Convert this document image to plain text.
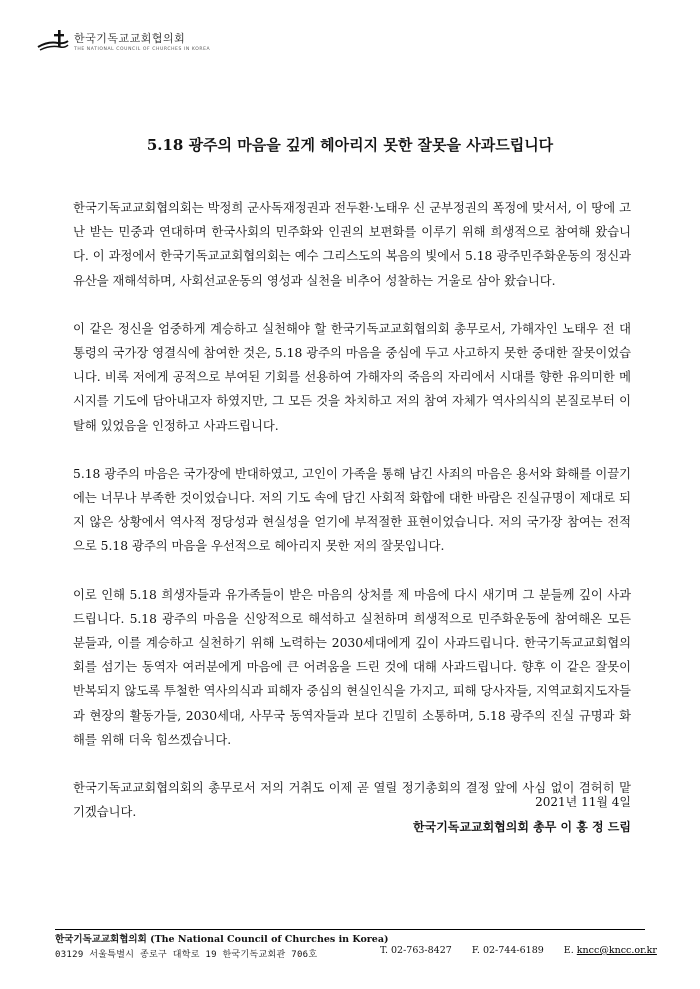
한국기독교교회협의회
THE NATIONAL COUNCIL OF CHURCHES IN KOREA
5.18 광주의 마음을 깊게 헤아리지 못한 잘못을 사과드립니다

한국기독교교회협의회는 박정희 군사독재정권과 전두환·노태우 신 군부정권의 폭정에 맞서서, 이 땅에 고난 받는 민중과 연대하며 한국사회의 민주화와 인권의 보편화를 이루기 위해 희생적으로 참여해 왔습니다. 이 과정에서 한국기독교교회협의회는 예수 그리스도의 복음의 빛에서 5.18 광주민주화운동의 정신과 유산을 재해석하며, 사회선교운동의 영성과 실천을 비추어 성찰하는 거울로 삼아 왔습니다.

이 같은 정신을 엄중하게 계승하고 실천해야 할 한국기독교교회협의회 총무로서, 가해자인 노태우 전 대통령의 국가장 영결식에 참여한 것은, 5.18 광주의 마음을 중심에 두고 사고하지 못한 중대한 잘못이었습니다. 비록 저에게 공적으로 부여된 기회를 선용하여 가해자의 죽음의 자리에서 시대를 향한 유의미한 메시지를 기도에 담아내고자 하였지만, 그 모든 것을 차치하고 저의 참여 자체가 역사의식의 본질로부터 이탈해 있었음을 인정하고 사과드립니다.

5.18 광주의 마음은 국가장에 반대하였고, 고인이 가족을 통해 남긴 사죄의 마음은 용서와 화해를 이끌기에는 너무나 부족한 것이었습니다. 저의 기도 속에 담긴 사회적 화합에 대한 바람은 진실규명이 제대로 되지 않은 상황에서 역사적 정당성과 현실성을 얻기에 부적절한 표현이었습니다. 저의 국가장 참여는 전적으로 5.18 광주의 마음을 우선적으로 헤아리지 못한 저의 잘못입니다.

이로 인해 5.18 희생자들과 유가족들이 받은 마음의 상처를 제 마음에 다시 새기며 그 분들께 깊이 사과드립니다. 5.18 광주의 마음을 신앙적으로 해석하고 실천하며 희생적으로 민주화운동에 참여해온 모든 분들과, 이를 계승하고 실천하기 위해 노력하는 2030세대에게 깊이 사과드립니다. 한국기독교교회협의회를 섬기는 동역자 여러분에게 마음에 큰 어려움을 드린 것에 대해 사과드립니다. 향후 이 같은 잘못이 반복되지 않도록 투철한 역사의식과 피해자 중심의 현실인식을 가지고, 피해 당사자들, 지역교회지도자들과 현장의 활동가들, 2030세대, 사무국 동역자들과 보다 긴밀히 소통하며, 5.18 광주의 진실 규명과 화해를 위해 더욱 힘쓰겠습니다.

한국기독교교회협의회의 총무로서 저의 거취도 이제 곧 열릴 정기총회의 결정 앞에 사심 없이 겸허히 맡기겠습니다.

2021년 11월 4일
한국기독교교회협의회 총무 이 홍 정 드림
한국기독교교회협의회 (The National Council of Churches in Korea)
03129 서울특별시 종로구 대학로 19 한국기독교회관 706호	T. 02-763-8427 F. 02-744-6189 E. kncc@kncc.or.kr
